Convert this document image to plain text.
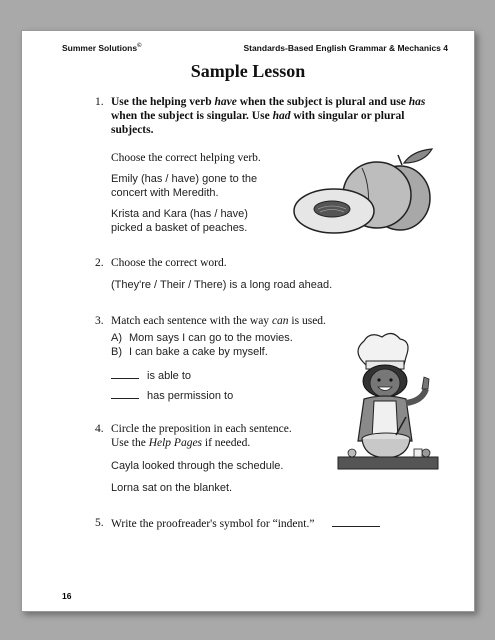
Summer Solutions©	Standards-Based English Grammar & Mechanics 4
Sample Lesson
1. Use the helping verb have when the subject is plural and use has
when the subject is singular. Use had with singular or plural
subjects.
Choose the correct helping verb.
Emily (has / have) gone to the
concert with Meredith.
Krista and Kara (has / have)
picked a basket of peaches.
2. Choose the correct word.
(They're / Their / There) is a long road ahead.
3. Match each sentence with the way can is used.
A) Mom says I can go to the movies.
B) I can bake a cake by myself.
is able to
has permission to
4. Circle the preposition in each sentence.
Use the Help Pages if needed.
Cayla looked through the schedule.
Lorna sat on the blanket.
5. Write the proofreader's symbol for “indent.”
16
